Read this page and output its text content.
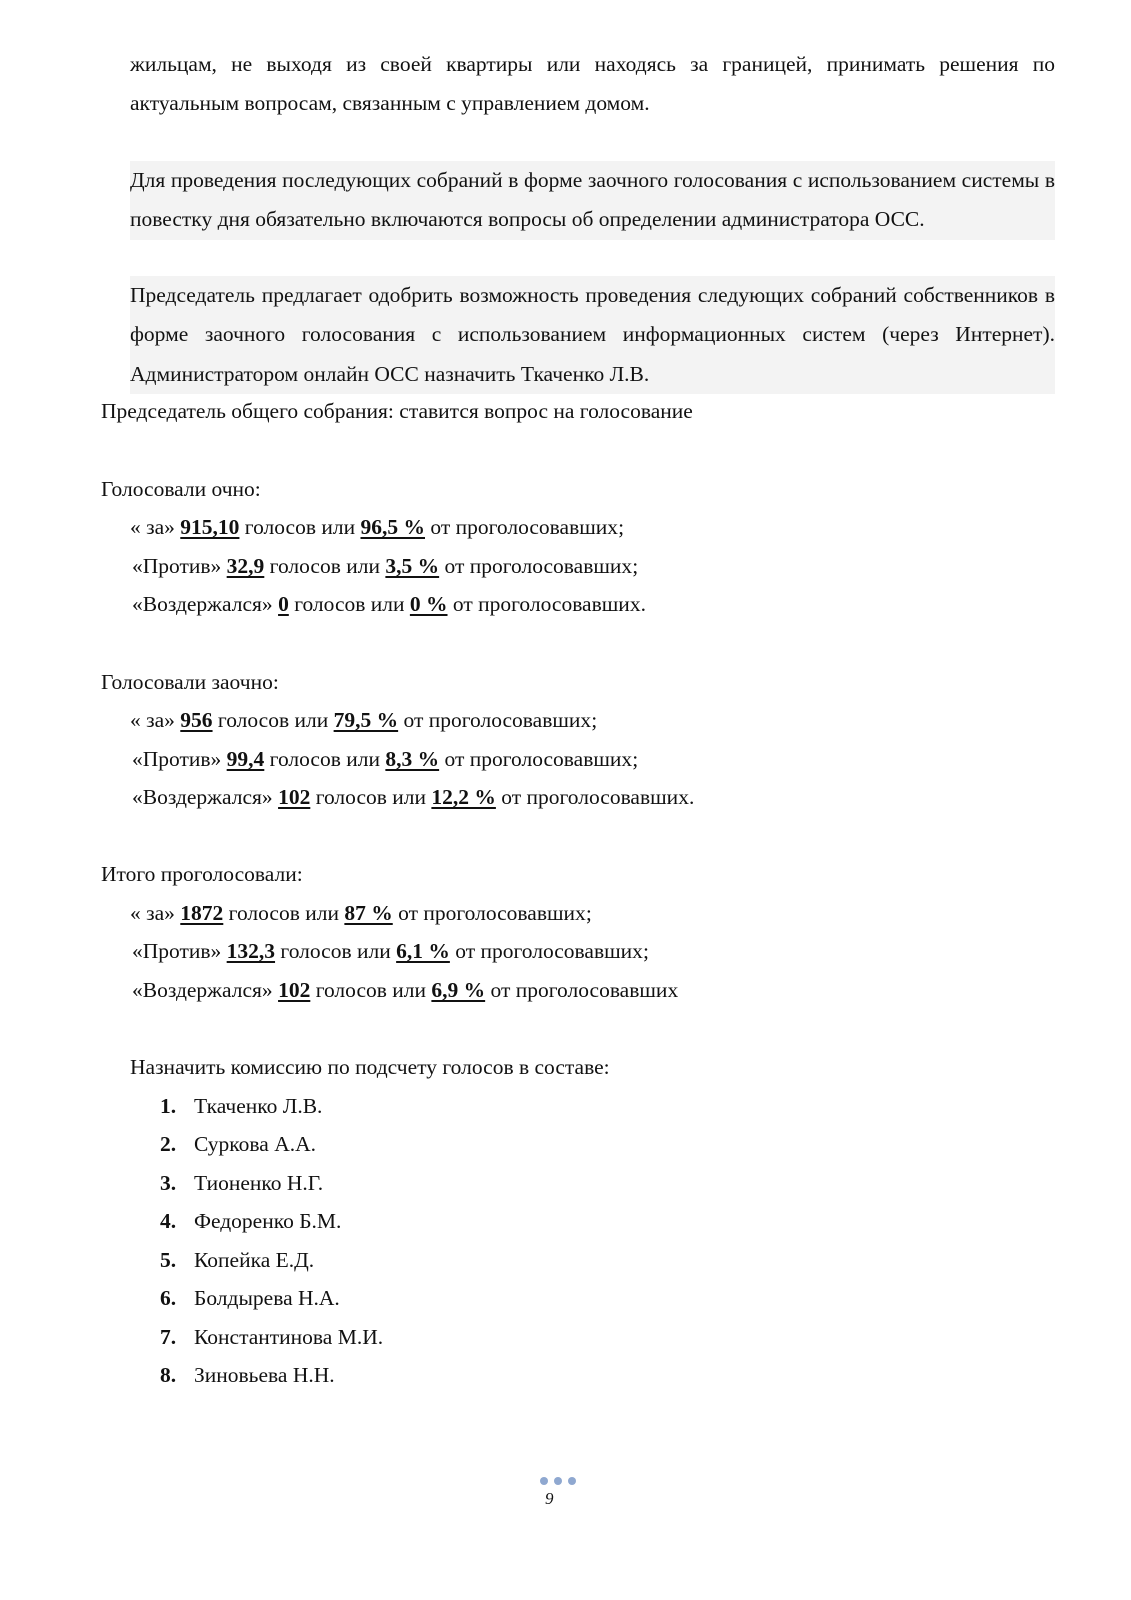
жильцам, не выходя из своей квартиры или находясь за границей, принимать решения по актуальным вопросам, связанным с управлением домом.
Для проведения последующих собраний в форме заочного голосования с использованием системы в повестку дня обязательно включаются вопросы об определении администратора ОСС.
Председатель предлагает одобрить возможность проведения следующих собраний собственников в форме заочного голосования с использованием информационных систем (через Интернет). Администратором онлайн ОСС назначить Ткаченко Л.В.
Председатель общего собрания: ставится вопрос на голосование
Голосовали очно:
« за» 915,10 голосов или 96,5 % от проголосовавших;
«Против» 32,9 голосов или 3,5 % от проголосовавших;
«Воздержался» 0 голосов или 0 % от проголосовавших.
Голосовали заочно:
« за» 956 голосов или 79,5 % от проголосовавших;
«Против» 99,4 голосов или 8,3 % от проголосовавших;
«Воздержался» 102 голосов или 12,2 % от проголосовавших.
Итого проголосовали:
« за» 1872 голосов или 87 % от проголосовавших;
«Против» 132,3 голосов или 6,1 % от проголосовавших;
«Воздержался» 102 голосов или 6,9 % от проголосовавших
Назначить комиссию по подсчету голосов в составе:
1. Ткаченко Л.В.
2. Суркова А.А.
3. Тионенко Н.Г.
4. Федоренко Б.М.
5. Копейка Е.Д.
6. Болдырева Н.А.
7. Константинова М.И.
8. Зиновьева Н.Н.
9
